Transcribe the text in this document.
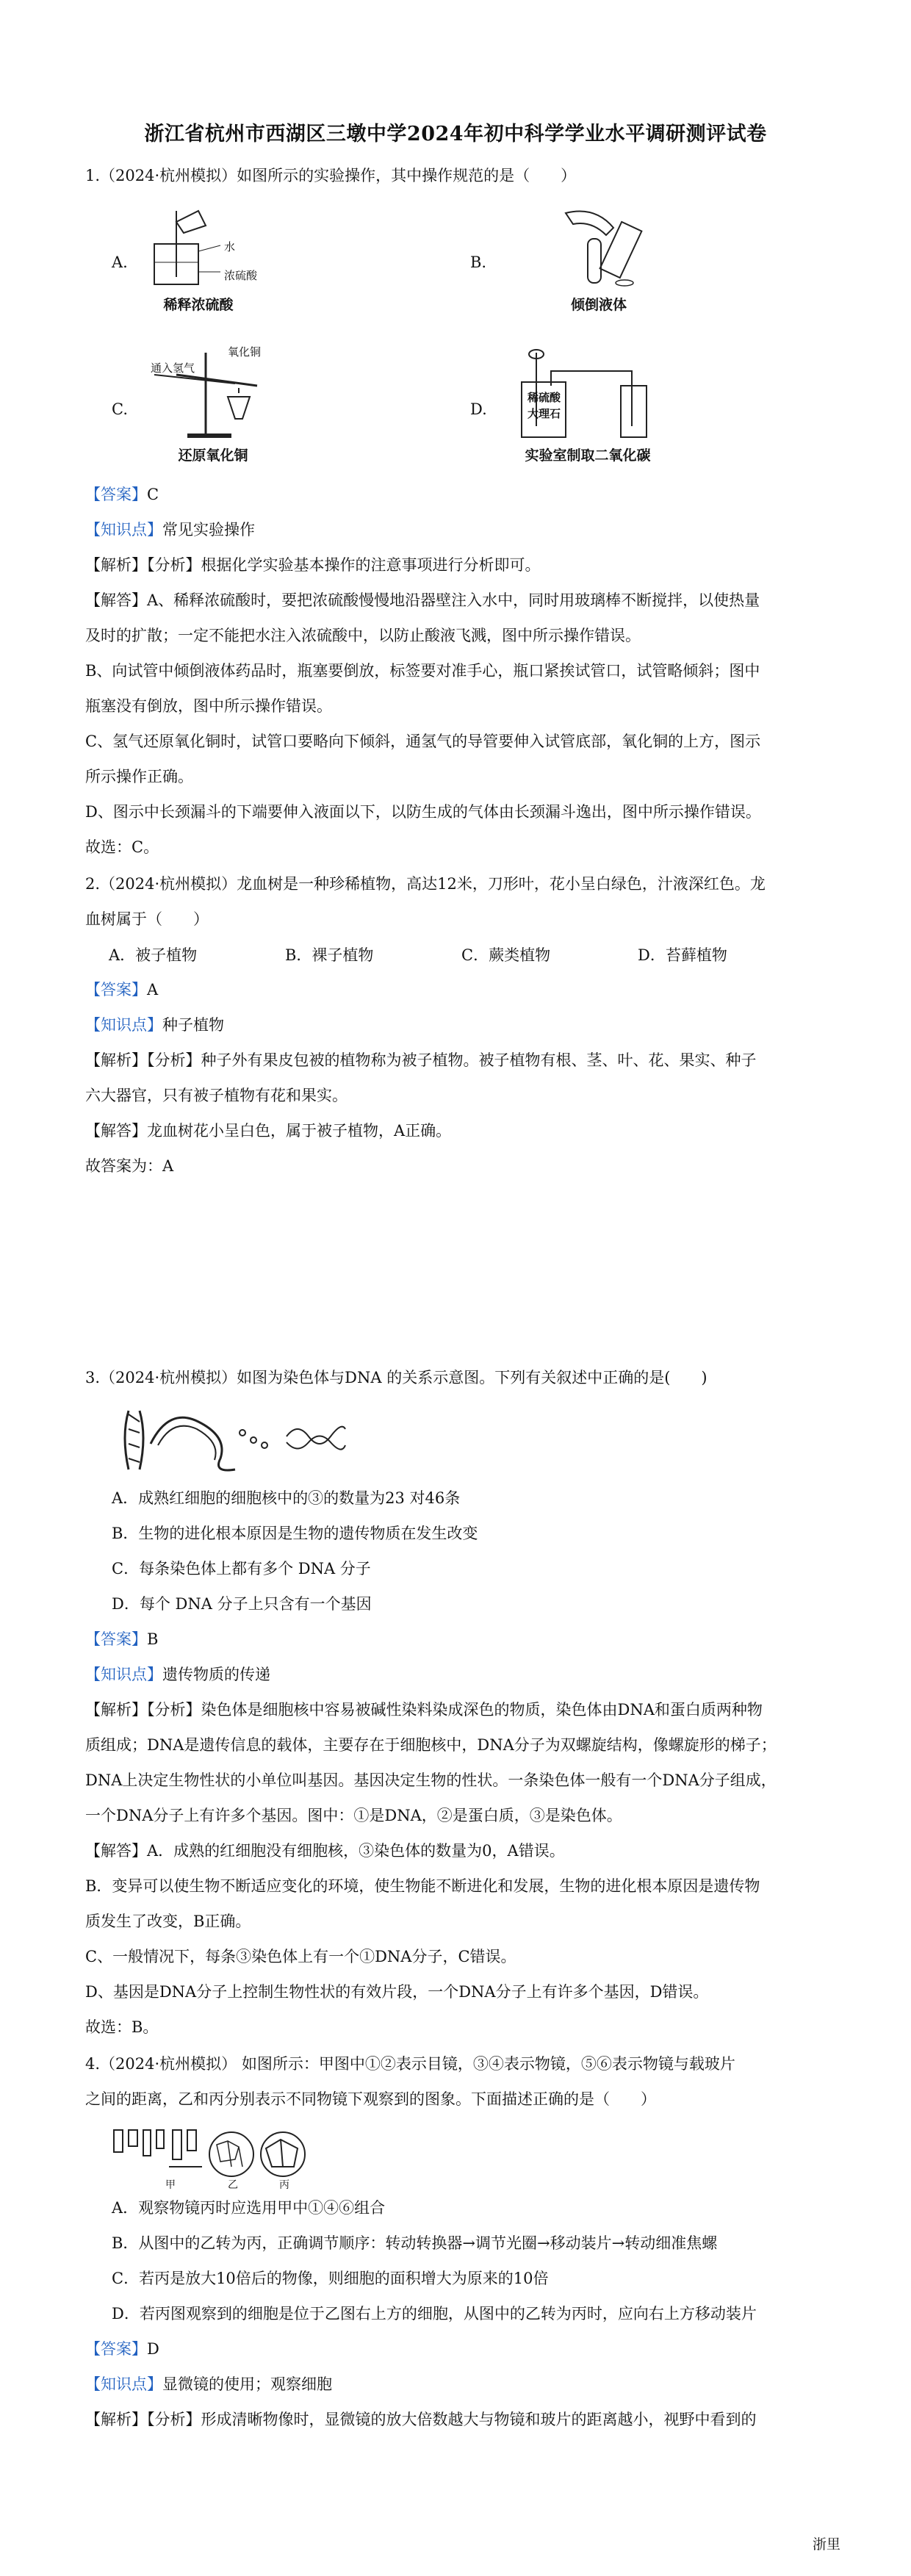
浙江省杭州市西湖区三墩中学2024年初中科学学业水平调研测评试卷
1.（2024·杭州模拟）如图所示的实验操作，其中操作规范的是（　　）
A.
水
浓硫酸
稀释浓硫酸
B.
倾倒液体
C.
通入氢气
氧化铜
还原氧化铜
D.
稀硫酸
大理石
实验室制取二氧化碳
【答案】C
【知识点】常见实验操作
【解析】【分析】根据化学实验基本操作的注意事项进行分析即可。
【解答】A、稀释浓硫酸时，要把浓硫酸慢慢地沿器壁注入水中，同时用玻璃棒不断搅拌，以使热量
及时的扩散；一定不能把水注入浓硫酸中，以防止酸液飞溅，图中所示操作错误。
B、向试管中倾倒液体药品时，瓶塞要倒放，标签要对准手心，瓶口紧挨试管口，试管略倾斜；图中
瓶塞没有倒放，图中所示操作错误。
C、氢气还原氧化铜时，试管口要略向下倾斜，通氢气的导管要伸入试管底部，氧化铜的上方，图示
所示操作正确。
D、图示中长颈漏斗的下端要伸入液面以下，以防生成的气体由长颈漏斗逸出，图中所示操作错误。
故选：C。
2.（2024·杭州模拟）龙血树是一种珍稀植物，高达12米，刀形叶，花小呈白绿色，汁液深红色。龙
血树属于（　　）
A．被子植物	B．裸子植物	C．蕨类植物	D．苔藓植物
【答案】A
【知识点】种子植物
【解析】【分析】种子外有果皮包被的植物称为被子植物。被子植物有根、茎、叶、花、果实、种子
六大器官，只有被子植物有花和果实。
【解答】龙血树花小呈白色，属于被子植物，A正确。
故答案为：A
3.（2024·杭州模拟）如图为染色体与DNA 的关系示意图。下列有关叙述中正确的是(　　)
A．成熟红细胞的细胞核中的③的数量为23 对46条
B．生物的进化根本原因是生物的遗传物质在发生改变
C．每条染色体上都有多个 DNA 分子
D．每个 DNA 分子上只含有一个基因
【答案】B
【知识点】遗传物质的传递
【解析】【分析】染色体是细胞核中容易被碱性染料染成深色的物质，染色体由DNA和蛋白质两种物
质组成；DNA是遗传信息的载体，主要存在于细胞核中，DNA分子为双螺旋结构，像螺旋形的梯子；
DNA上决定生物性状的小单位叫基因。基因决定生物的性状。一条染色体一般有一个DNA分子组成，
一个DNA分子上有许多个基因。图中：①是DNA，②是蛋白质，③是染色体。
【解答】A．成熟的红细胞没有细胞核，③染色体的数量为0，A错误。
B．变异可以使生物不断适应变化的环境，使生物能不断进化和发展，生物的进化根本原因是遗传物
质发生了改变，B正确。
C、一般情况下，每条③染色体上有一个①DNA分子，C错误。
D、基因是DNA分子上控制生物性状的有效片段，一个DNA分子上有许多个基因，D错误。
故选：B。
4.（2024·杭州模拟） 如图所示：甲图中①②表示目镜，③④表示物镜，⑤⑥表示物镜与载玻片
之间的距离，乙和丙分别表示不同物镜下观察到的图象。下面描述正确的是（　　）
甲	乙	丙
A．观察物镜丙时应选用甲中①④⑥组合
B．从图中的乙转为丙，正确调节顺序：转动转换器→调节光圈→移动装片→转动细准焦螺
C．若丙是放大10倍后的物像，则细胞的面积增大为原来的10倍
D．若丙图观察到的细胞是位于乙图右上方的细胞，从图中的乙转为丙时，应向右上方移动装片
【答案】D
【知识点】显微镜的使用；观察细胞
【解析】【分析】形成清晰物像时，显微镜的放大倍数越大与物镜和玻片的距离越小，视野中看到的
浙里
